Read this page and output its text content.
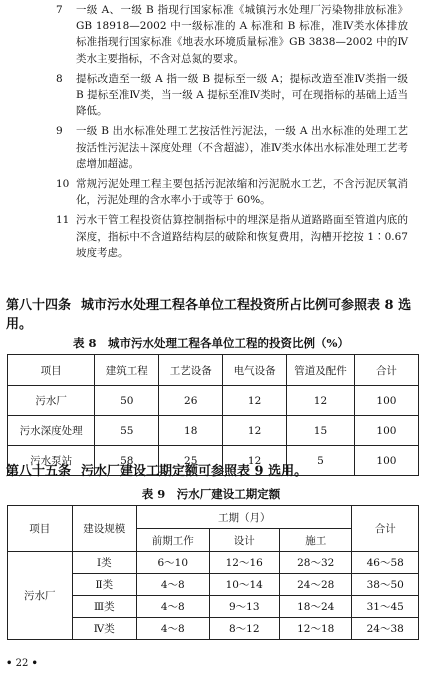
7	一级 A、一级 B 指现行国家标准《城镇污水处理厂污染物排放标准》GB 18918—2002 中一级标准的 A 标准和 B 标准，准Ⅳ类水体排放标准指现行国家标准《地表水环境质量标准》GB 3838—2002 中的Ⅳ类水主要指标，不含对总氮的要求。
8	提标改造至一级 A 指一级 B 提标至一级 A；提标改造至准Ⅳ类指一级 B 提标至准Ⅳ类，当一级 A 提标至准Ⅳ类时，可在现指标的基础上适当降低。
9	一级 B 出水标准处理工艺按活性污泥法，一级 A 出水标准的处理工艺按活性污泥法＋深度处理（不含超滤），准Ⅳ类水体出水标准处理工艺考虑增加超滤。
10 常规污泥处理工程主要包括污泥浓缩和污泥脱水工艺，不含污泥厌氧消化，污泥处理的含水率小于或等于 60%。
11 污水干管工程投资估算控制指标中的埋深是指从道路路面至管道内底的深度，指标中不含道路结构层的破除和恢复费用，沟槽开挖按 1∶0.67 坡度考虑。
第八十四条 城市污水处理工程各单位工程投资所占比例可参照表 8 选用。
表 8　城市污水处理工程各单位工程的投资比例（%）
项目	建筑工程	工艺设备	电气设备	管道及配件	合计
污水厂	50	26	12	12	100
污水深度处理	55	18	12	15	100
污水泵站	58	25	12	5	100
第八十五条 污水厂建设工期定额可参照表 9 选用。
表 9　污水厂建设工期定额
项目	建设规模	工期（月）			合计
		前期工作	设计	施工	
污水厂	Ⅰ类	6～10	12～16	28～32	46～58
	Ⅱ类	4～8	10～14	24～28	38～50
	Ⅲ类	4～8	9～13	18～24	31～45
	Ⅳ类	4～8	8～12	12～18	24～38
• 22 •
